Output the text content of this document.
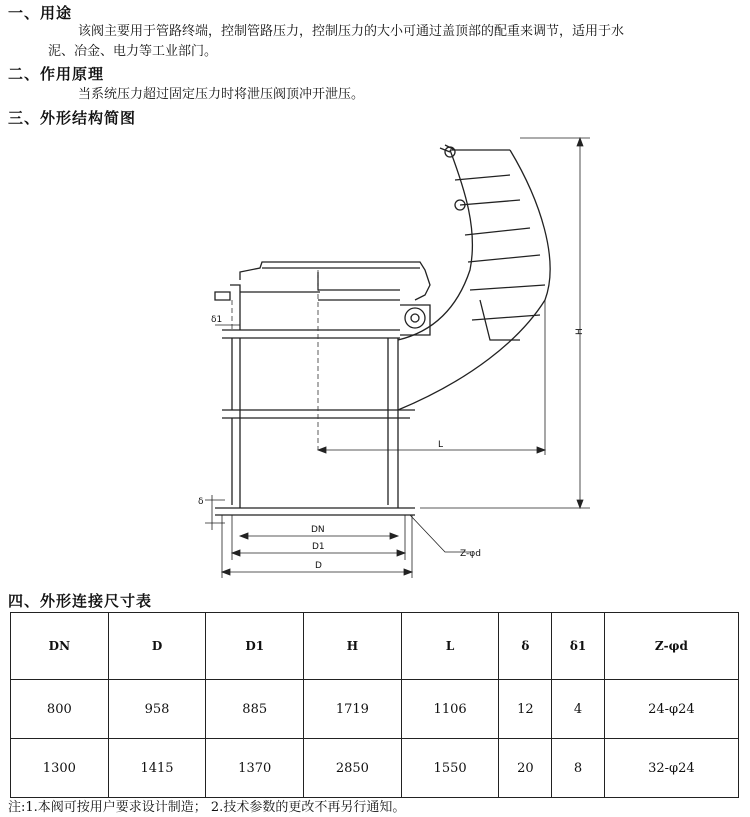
一、用途
该阀主要用于管路终端，控制管路压力，控制压力的大小可通过盖顶部的配重来调节，适用于水
泥、冶金、电力等工业部门。
二、作用原理
当系统压力超过固定压力时将泄压阀顶冲开泄压。
三、外形结构简图
δ1
δ
H
L
DN
D1
D
Z-φd
四、外形连接尺寸表
DN	D	D1	H	L	δ	δ1	Z-φd
800	958	885	1719	1106	12	4	24-φ24
1300	1415	1370	2850	1550	20	8	32-φ24
注:1.本阀可按用户要求设计制造； 2.技术参数的更改不再另行通知。
